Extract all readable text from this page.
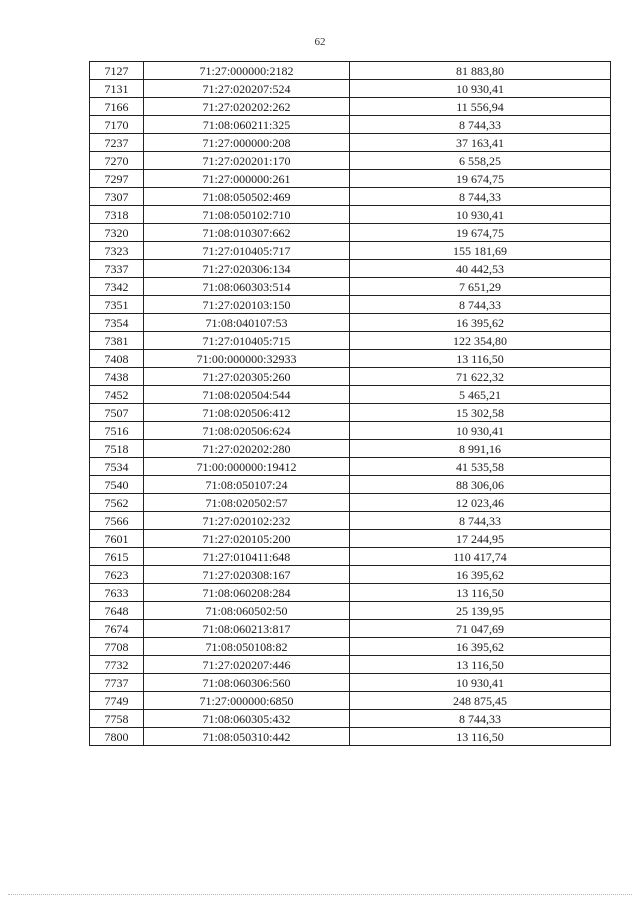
62
7127	71:27:000000:2182	81 883,80
7131	71:27:020207:524	10 930,41
7166	71:27:020202:262	11 556,94
7170	71:08:060211:325	8 744,33
7237	71:27:000000:208	37 163,41
7270	71:27:020201:170	6 558,25
7297	71:27:000000:261	19 674,75
7307	71:08:050502:469	8 744,33
7318	71:08:050102:710	10 930,41
7320	71:08:010307:662	19 674,75
7323	71:27:010405:717	155 181,69
7337	71:27:020306:134	40 442,53
7342	71:08:060303:514	7 651,29
7351	71:27:020103:150	8 744,33
7354	71:08:040107:53	16 395,62
7381	71:27:010405:715	122 354,80
7408	71:00:000000:32933	13 116,50
7438	71:27:020305:260	71 622,32
7452	71:08:020504:544	5 465,21
7507	71:08:020506:412	15 302,58
7516	71:08:020506:624	10 930,41
7518	71:27:020202:280	8 991,16
7534	71:00:000000:19412	41 535,58
7540	71:08:050107:24	88 306,06
7562	71:08:020502:57	12 023,46
7566	71:27:020102:232	8 744,33
7601	71:27:020105:200	17 244,95
7615	71:27:010411:648	110 417,74
7623	71:27:020308:167	16 395,62
7633	71:08:060208:284	13 116,50
7648	71:08:060502:50	25 139,95
7674	71:08:060213:817	71 047,69
7708	71:08:050108:82	16 395,62
7732	71:27:020207:446	13 116,50
7737	71:08:060306:560	10 930,41
7749	71:27:000000:6850	248 875,45
7758	71:08:060305:432	8 744,33
7800	71:08:050310:442	13 116,50
